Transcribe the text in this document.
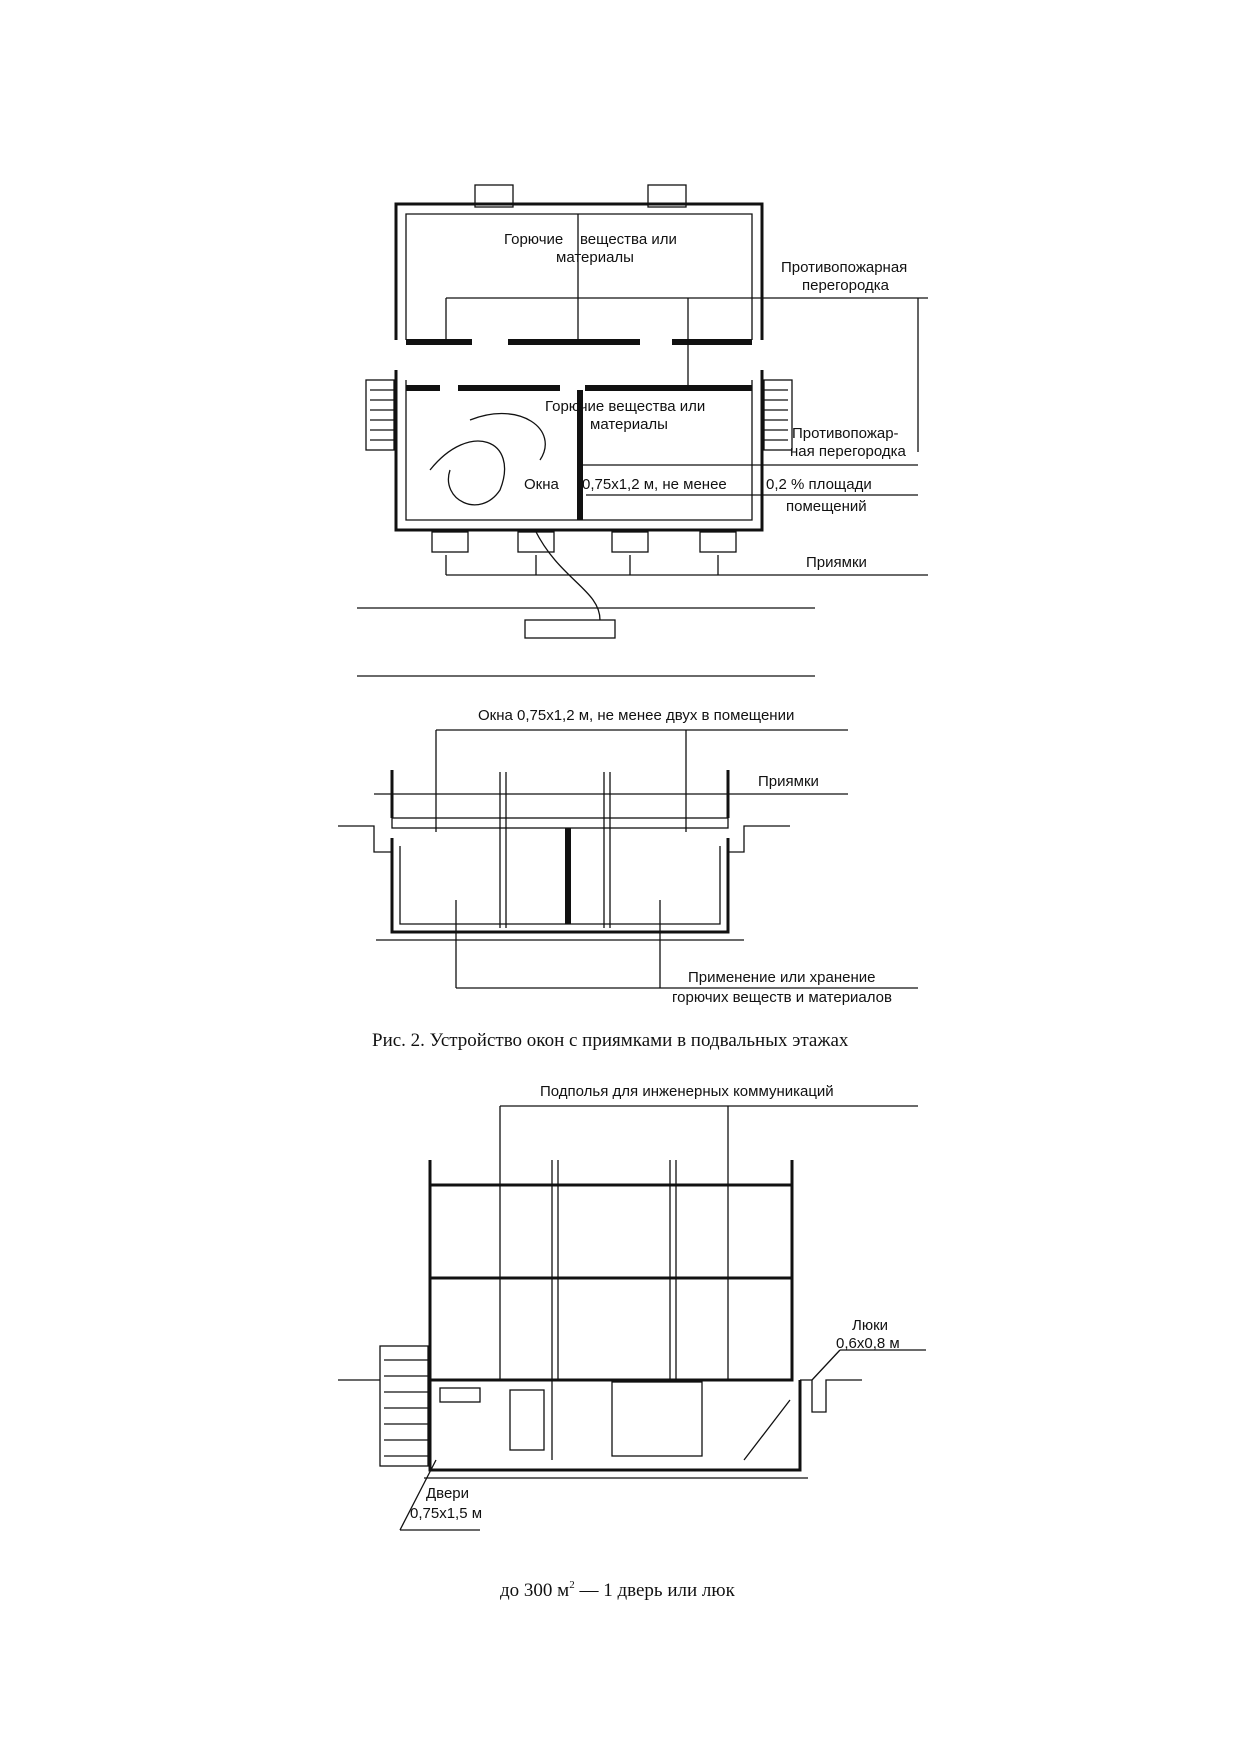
Горючие вещества или
материалы
Горючие вещества или
материалы
Противопожарная
перегородка
Противопожар-
ная перегородка
Окна 0,75х1,2 м, не менее	0,2 % площади
помещений
Приямки
Окна 0,75х1,2 м, не менее двух в помещении
Приямки
Применение или хранение
горючих веществ и материалов
Рис. 2. Устройство окон с приямками в подвальных этажах
Подполья для инженерных коммуникаций
Люки
0,6х0,8 м
Двери
0,75х1,5 м
до 300 $м^2$ — 1 дверь или люк
